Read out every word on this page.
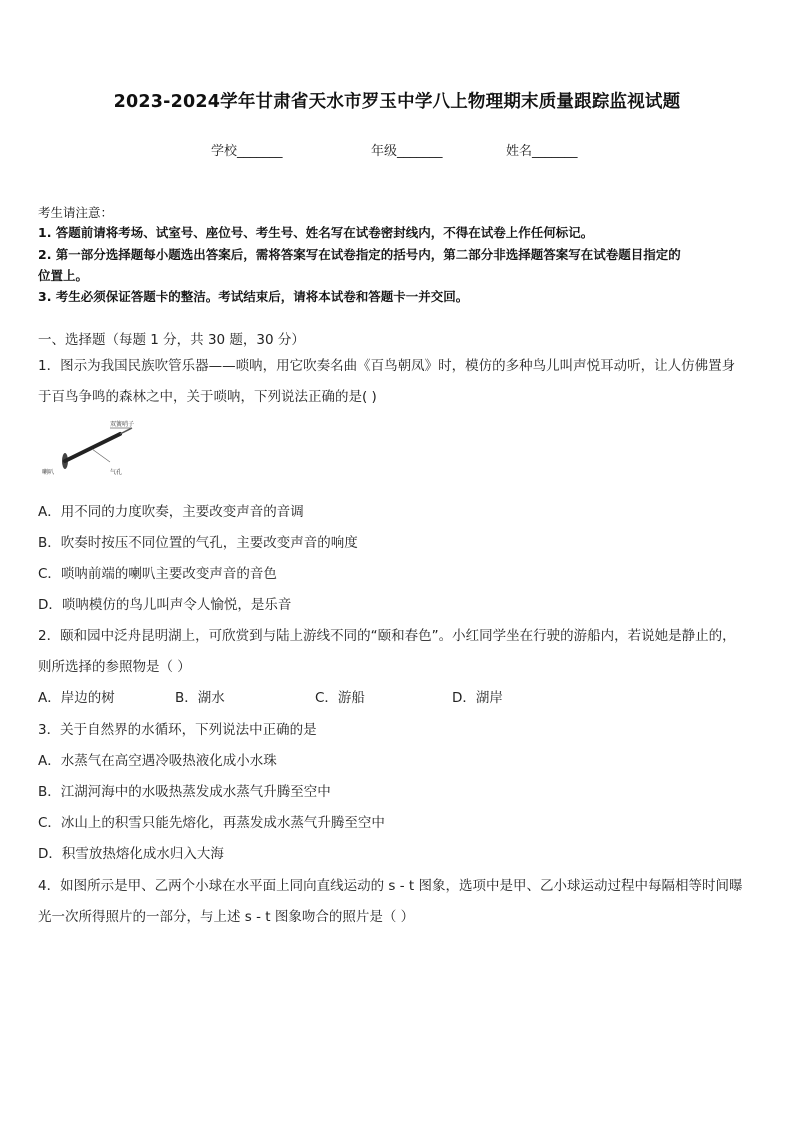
2023-2024学年甘肃省天水市罗玉中学八上物理期末质量跟踪监视试题
学校_______	年级_______	姓名_______
考生请注意：
1. 答题前请将考场、试室号、座位号、考生号、姓名写在试卷密封线内，不得在试卷上作任何标记。
2. 第一部分选择题每小题选出答案后，需将答案写在试卷指定的括号内，第二部分非选择题答案写在试卷题目指定的
位置上。
3. 考生必须保证答题卡的整洁。考试结束后，请将本试卷和答题卡一并交回。
一、选择题（每题 1 分，共 30 题，30 分）
1．图示为我国民族吹管乐器——唢呐，用它吹奏名曲《百鸟朝凤》时，模仿的多种鸟儿叫声悦耳动听，让人仿佛置身
于百鸟争鸣的森林之中，关于唢呐，下列说法正确的是( )
双簧哨子
喇叭	气孔
A．用不同的力度吹奏，主要改变声音的音调
B．吹奏时按压不同位置的气孔，主要改变声音的响度
C．唢呐前端的喇叭主要改变声音的音色
D．唢呐模仿的鸟儿叫声令人愉悦，是乐音
2．颐和园中泛舟昆明湖上，可欣赏到与陆上游线不同的“颐和春色”。小红同学坐在行驶的游船内，若说她是静止的，
则所选择的参照物是（ ）
A．岸边的树	B．湖水	C．游船	D．湖岸
3．关于自然界的水循环，下列说法中正确的是
A．水蒸气在高空遇冷吸热液化成小水珠
B．江湖河海中的水吸热蒸发成水蒸气升腾至空中
C．冰山上的积雪只能先熔化，再蒸发成水蒸气升腾至空中
D．积雪放热熔化成水归入大海
4．如图所示是甲、乙两个小球在水平面上同向直线运动的 s - t 图象，选项中是甲、乙小球运动过程中每隔相等时间曝
光一次所得照片的一部分，与上述 s - t 图象吻合的照片是（ ）
